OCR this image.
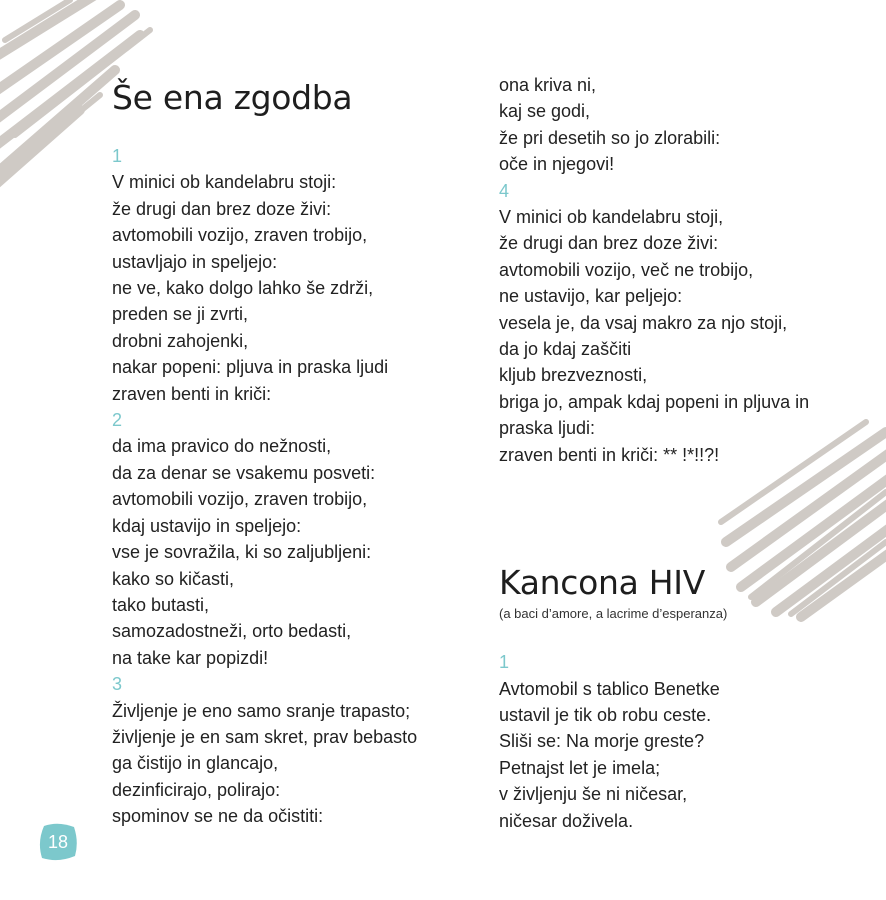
Še ena zgodba
1
V minici ob kandelabru stoji:
že drugi dan brez doze živi:
avtomobili vozijo, zraven trobijo,
ustavljajo in speljejo:
ne ve, kako dolgo lahko še zdrži,
preden se ji zvrti,
drobni zahojenki,
nakar popeni: pljuva in praska ljudi
zraven benti in kriči:
2
da ima pravico do nežnosti,
da za denar se vsakemu posveti:
avtomobili vozijo, zraven trobijo,
kdaj ustavijo in speljejo:
vse je sovražila, ki so zaljubljeni:
kako so kičasti,
tako butasti,
samozadostneži, orto bedasti,
na take kar popizdi!
3
Življenje je eno samo sranje trapasto;
življenje je en sam skret, prav bebasto
ga čistijo in glancajo,
dezinficirajo, polirajo:
spominov se ne da očistiti:
ona kriva ni,
kaj se godi,
že pri desetih so jo zlorabili:
oče in njegovi!
4
V minici ob kandelabru stoji,
že drugi dan brez doze živi:
avtomobili vozijo, več ne trobijo,
ne ustavijo, kar peljejo:
vesela je, da vsaj makro za njo stoji,
da jo kdaj zaščiti
kljub brezveznosti,
briga jo, ampak kdaj popeni in pljuva in
praska ljudi:
zraven benti in kriči: ** !*!!?!
Kancona HIV
(a baci d’amore, a lacrime d’esperanza)
1
Avtomobil s tablico Benetke
ustavil je tik ob robu ceste.
Sliši se: Na morje greste?
Petnajst let je imela;
v življenju še ni ničesar,
ničesar doživela.
18
